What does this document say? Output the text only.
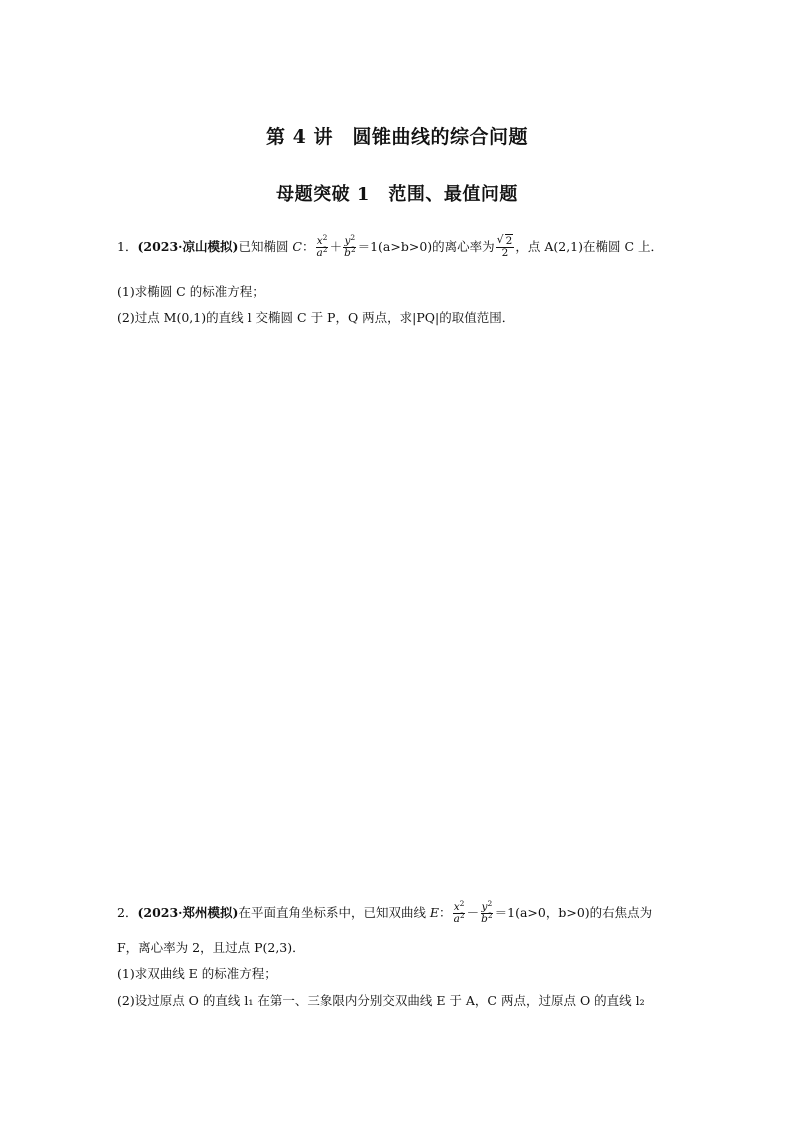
第 4 讲　圆锥曲线的综合问题
母题突破 1　范围、最值问题
1．(2023·凉山模拟)已知椭圆 C： $\frac{x^2}{a^2} + \frac{y^2}{b^2} =1(a>b>0)$的离心率为 $\frac{√ 2}{2}$ ，点 A(2,1)在椭圆 C 上．
(1)求椭圆 C 的标准方程；
(2)过点 M(0,1)的直线 l 交椭圆 C 于 P，Q 两点，求|PQ|的取值范围．
2．(2023·郑州模拟)在平面直角坐标系中，已知双曲线 E： $\frac{x^2}{a^2} - \frac{y^2}{b^2} =1(a>0$，b>0)的右焦点为
F，离心率为 2，且过点 P(2,3)．
(1)求双曲线 E 的标准方程；
(2)设过原点 O 的直线 l₁ 在第一、三象限内分别交双曲线 E 于 A，C 两点，过原点 O 的直线 l₂
